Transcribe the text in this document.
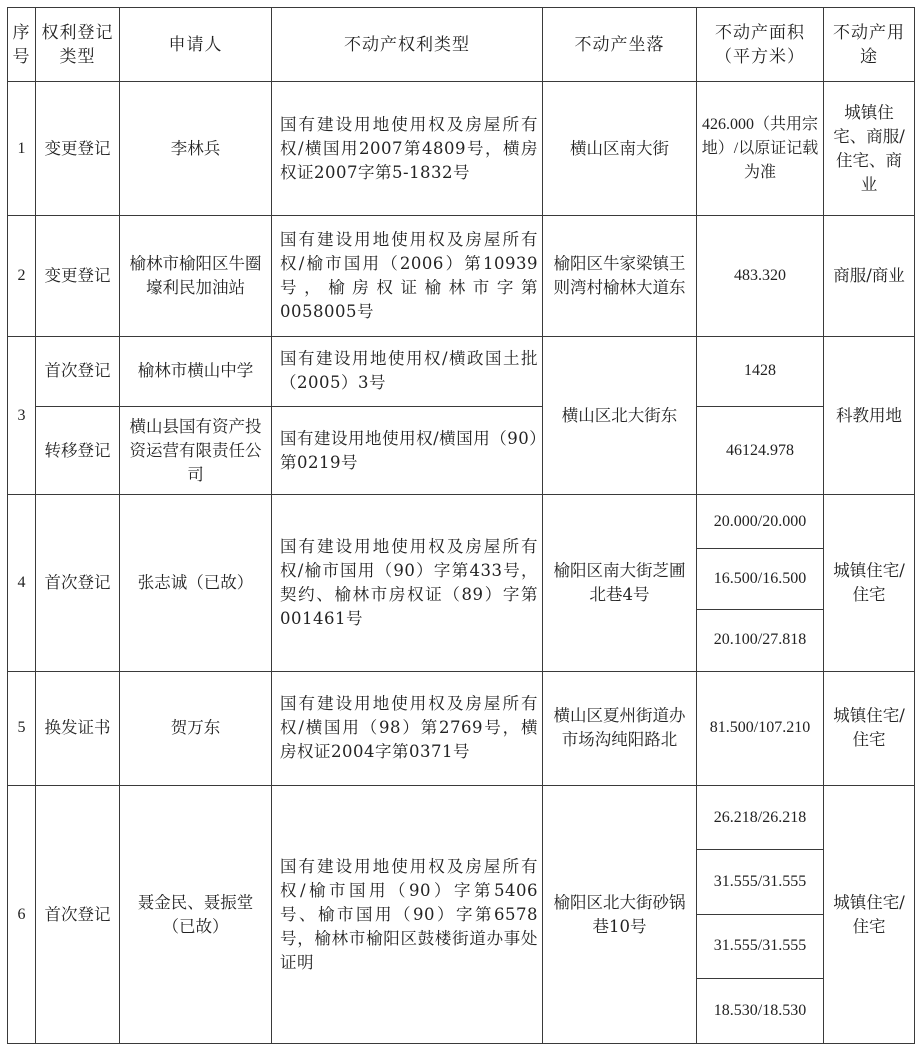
序号	权利登记类型	申请人	不动产权利类型	不动产坐落	不动产面积（平方米）	不动产用途
1	变更登记	李林兵	国有建设用地使用权及房屋所有权/横国用2007第4809号，横房权证2007字第5-1832号	横山区南大街	426.000（共用宗地）/以原证记载为准	城镇住宅、商服/住宅、商业
2	变更登记	榆林市榆阳区牛圈壕利民加油站	国有建设用地使用权及房屋所有权/榆市国用（2006）第10939号，榆房权证榆林市字第0058005号	榆阳区牛家梁镇王则湾村榆林大道东	483.320	商服/商业
3	首次登记	榆林市横山中学	国有建设用地使用权/横政国土批（2005）3号	横山区北大街东	1428	科教用地
	转移登记	横山县国有资产投资运营有限责任公司	国有建设用地使用权/横国用（90）第0219号		46124.978	
4	首次登记	张志诚（已故）	国有建设用地使用权及房屋所有权/榆市国用（90）字第433号，契约、榆林市房权证（89）字第001461号	榆阳区南大街芝圃北巷4号	20.000/20.000	城镇住宅/住宅
					16.500/16.500	
					20.100/27.818	
5	换发证书	贺万东	国有建设用地使用权及房屋所有权/横国用（98）第2769号，横房权证2004字第0371号	横山区夏州街道办市场沟纯阳路北	81.500/107.210	城镇住宅/住宅
6	首次登记	聂金民、聂振堂（已故）	国有建设用地使用权及房屋所有权/榆市国用（90）字第5406号、榆市国用（90）字第6578号，榆林市榆阳区鼓楼街道办事处证明	榆阳区北大街砂锅巷10号	26.218/26.218	城镇住宅/住宅
					31.555/31.555	
					31.555/31.555	
					18.530/18.530	
